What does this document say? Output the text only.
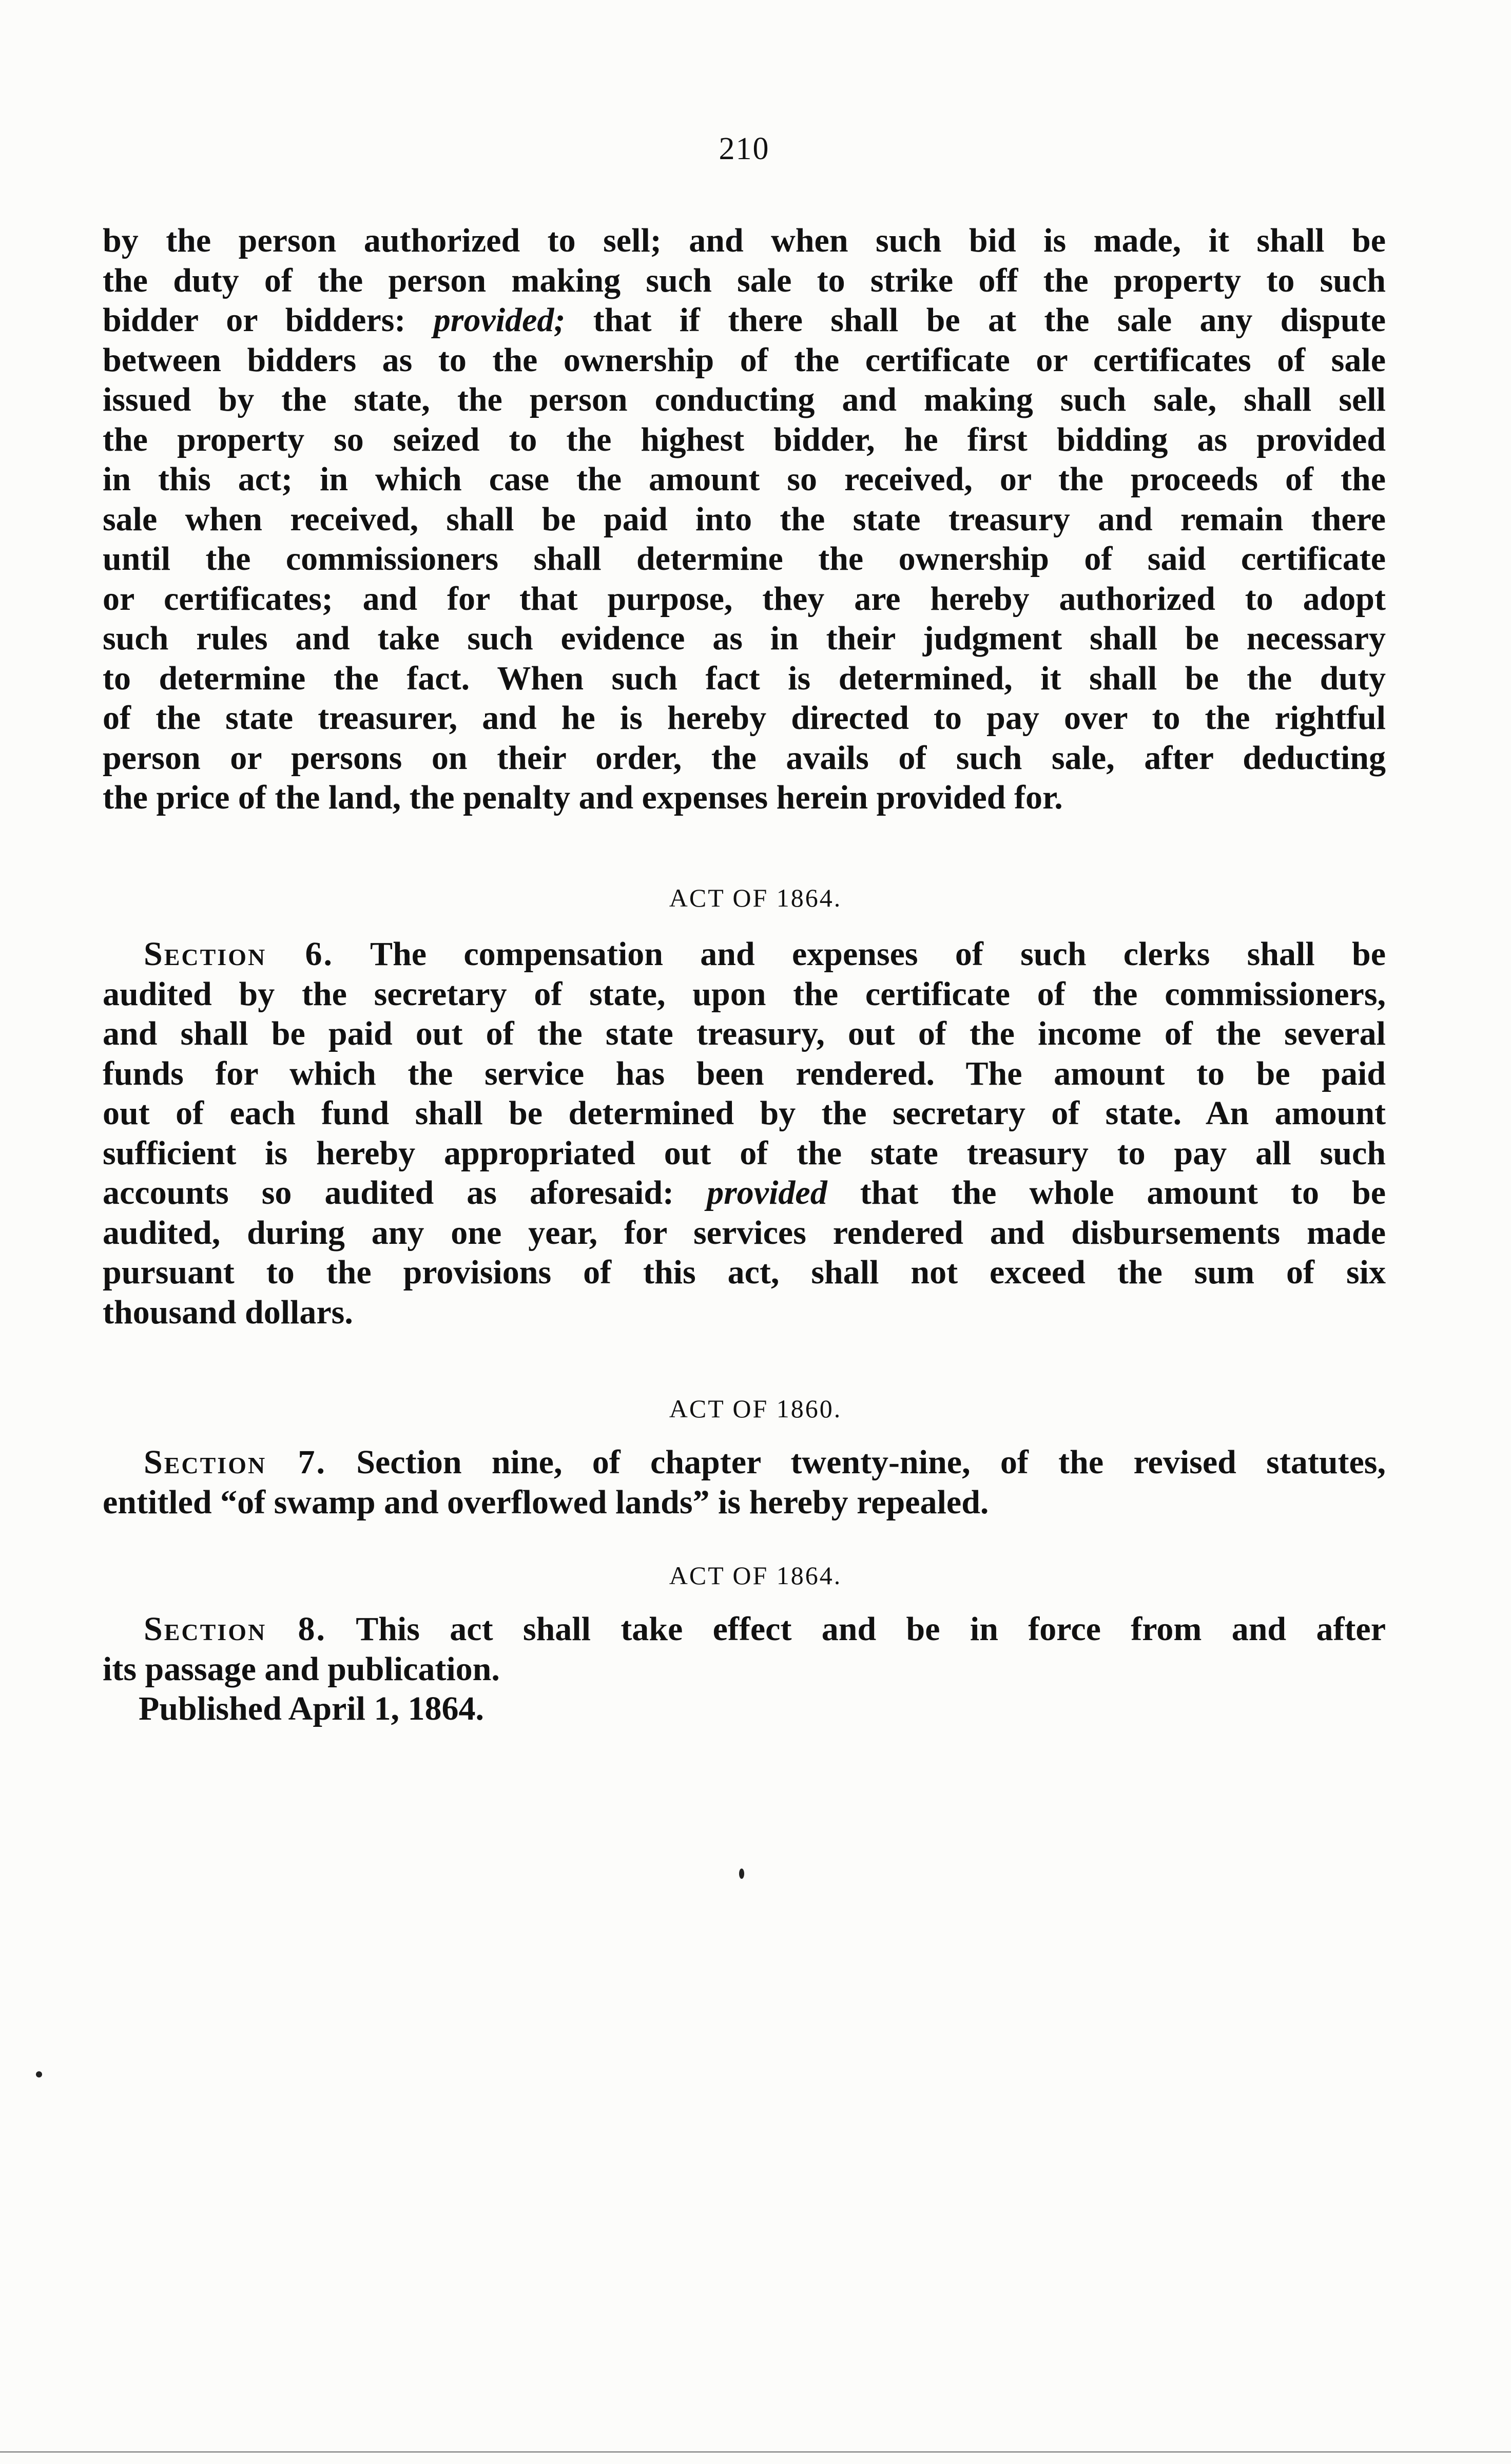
210
by the person authorized to sell; and when such bid is made, it shall be
the duty of the person making such sale to strike off the property to such
bidder or bidders: provided; that if there shall be at the sale any dispute
between bidders as to the ownership of the certificate or certificates of sale
issued by the state, the person conducting and making such sale, shall sell
the property so seized to the highest bidder, he first bidding as provided
in this act; in which case the amount so received, or the proceeds of the
sale when received, shall be paid into the state treasury and remain there
until the commissioners shall determine the ownership of said certificate
or certificates; and for that purpose, they are hereby authorized to adopt
such rules and take such evidence as in their judgment shall be necessary
to determine the fact. When such fact is determined, it shall be the duty
of the state treasurer, and he is hereby directed to pay over to the rightful
person or persons on their order, the avails of such sale, after deducting
the price of the land, the penalty and expenses herein provided for.
ACT OF 1864.
Section 6. The compensation and expenses of such clerks shall be
audited by the secretary of state, upon the certificate of the commissioners,
and shall be paid out of the state treasury, out of the income of the several
funds for which the service has been rendered. The amount to be paid
out of each fund shall be determined by the secretary of state. An amount
sufficient is hereby appropriated out of the state treasury to pay all such
accounts so audited as aforesaid: provided that the whole amount to be
audited, during any one year, for services rendered and disbursements made
pursuant to the provisions of this act, shall not exceed the sum of six
thousand dollars.
ACT OF 1860.
Section 7. Section nine, of chapter twenty-nine, of the revised statutes,
entitled “of swamp and overflowed lands” is hereby repealed.
ACT OF 1864.
Section 8. This act shall take effect and be in force from and after
its passage and publication.
Published April 1, 1864.
